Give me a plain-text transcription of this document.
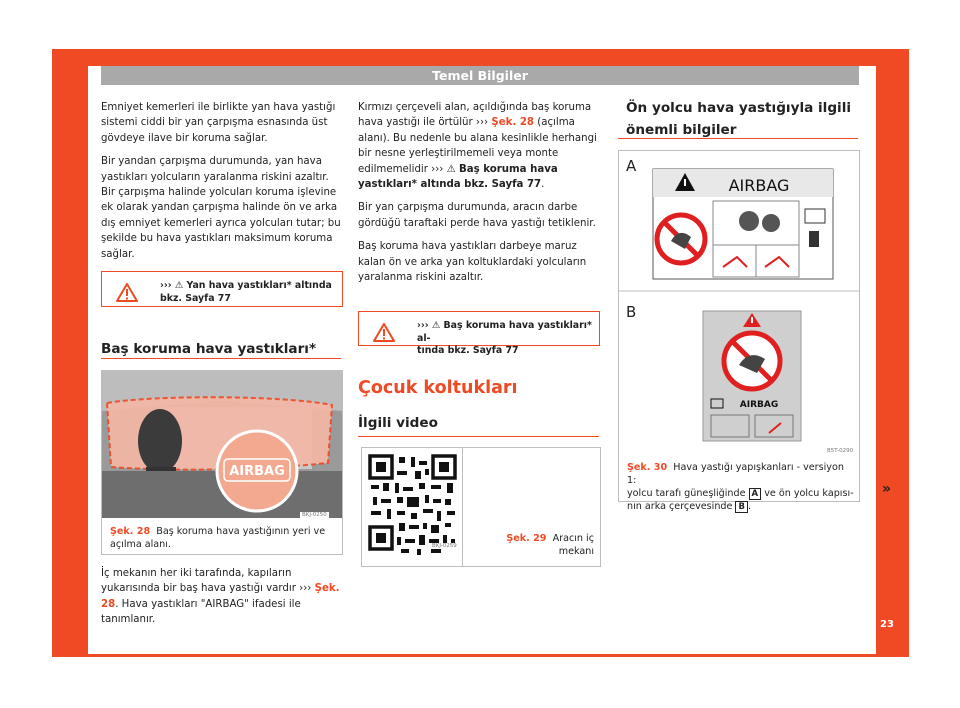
Temel Bilgiler

Emniyet kemerleri ile birlikte yan hava yastığı sistemi ciddi bir yan çarpışma esnasında üst gövdeye ilave bir koruma sağlar.

Bir yandan çarpışma durumunda, yan hava yastıkları yolcuların yaralanma riskini azaltır. Bir çarpışma halinde yolcuları koruma işlevine ek olarak yandan çarpışma halinde ön ve arka dış emniyet kemerleri ayrıca yolcuları tutar; bu şekilde bu hava yastıkları maksimum koruma sağlar.

››› ⚠ Yan hava yastıkları* altında
bkz. Sayfa 77
Baş koruma hava yastıkları*
AIRBAG
BKJ-0250
Şek. 28 Baş koruma hava yastığının yeri ve
açılma alanı.
İç mekanın her iki tarafında, kapıların yukarısında bir baş hava yastığı vardır ››› Şek. 28. Hava yastıkları "AIRBAG" ifadesi ile tanımlanır.

Kırmızı çerçeveli alan, açıldığında baş koruma hava yastığı ile örtülür ››› Şek. 28 (açılma alanı). Bu nedenle bu alana kesinlikle herhangi bir nesne yerleştirilmemeli veya monte edilmemelidir ››› ⚠ Baş koruma hava yastıkları* altında bkz. Sayfa 77.

Bir yan çarpışma durumunda, aracın darbe gördüğü taraftaki perde hava yastığı tetiklenir.

Baş koruma hava yastıkları darbeye maruz kalan ön ve arka yan koltuklardaki yolcuların yaralanma riskini azaltır.

››› ⚠ Baş koruma hava yastıkları* al-
tında bkz. Sayfa 77
Çocuk koltukları
İlgili video
BKJ-0259
Şek. 29 Aracın iç mekanı
Ön yolcu hava yastığıyla ilgili
önemli bilgiler
A
B
AIRBAG
AIRBAG
B5T-0290
Şek. 30 Hava yastığı yapışkanları - versiyon 1:
yolcu tarafı güneşliğinde A ve ön yolcu kapısı-
nın arka çerçevesinde B .
»
23
